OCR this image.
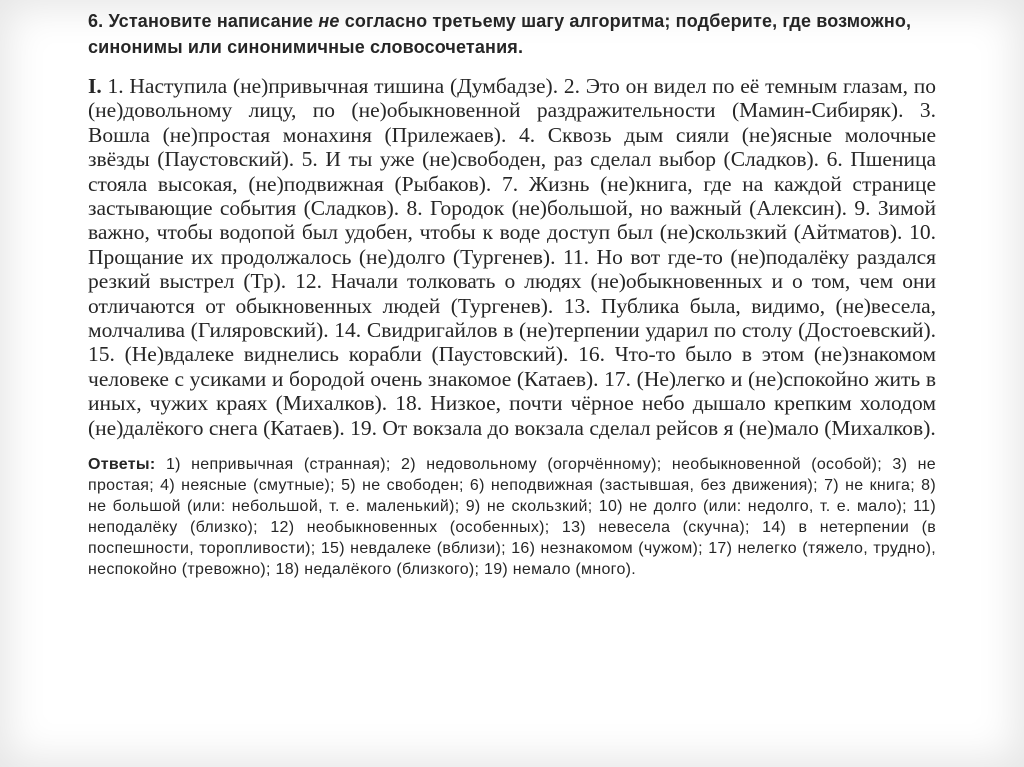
6. Установите написание не согласно третьему шагу алгоритма; подберите, где возможно, синонимы или синонимичные словосочетания.

I. 1. Наступила (не)привычная тишина (Думбадзе). 2. Это он видел по её темным глазам, по (не)довольному лицу, по (не)обыкновенной раздражительности (Мамин-Сибиряк). 3. Вошла (не)простая монахиня (Прилежаев). 4. Сквозь дым сияли (не)ясные молочные звёзды (Паустовский). 5. И ты уже (не)свободен, раз сделал выбор (Сладков). 6. Пшеница стояла высокая, (не)подвижная (Рыбаков). 7. Жизнь (не)книга, где на каждой странице застывающие события (Сладков). 8. Городок (не)большой, но важный (Алексин). 9. Зимой важно, чтобы водопой был удобен, чтобы к воде доступ был (не)скользкий (Айтматов). 10. Прощание их продолжалось (не)долго (Тургенев). 11. Но вот где-то (не)подалёку раздался резкий выстрел (Тр). 12. Начали толковать о людях (не)обыкновенных и о том, чем они отличаются от обыкновенных людей (Тургенев). 13. Публика была, видимо, (не)весела, молчалива (Гиляровский). 14. Свидригайлов в (не)терпении ударил по столу (Достоевский). 15. (Не)вдалеке виднелись корабли (Паустовский). 16. Что-то было в этом (не)знакомом человеке с усиками и бородой очень знакомое (Катаев). 17. (Не)легко и (не)спокойно жить в иных, чужих краях (Михалков). 18. Низкое, почти чёрное небо дышало крепким холодом (не)далёкого снега (Катаев). 19. От вокзала до вокзала сделал рейсов я (не)мало (Михалков).

Ответы: 1) непривычная (странная); 2) недовольному (огорчённому); необыкновенной (особой); 3) не простая; 4) неясные (смутные); 5) не свободен; 6) неподвижная (застывшая, без движения); 7) не книга; 8) не большой (или: небольшой, т. е. маленький); 9) не скользкий; 10) не долго (или: недолго, т. е. мало); 11) неподалёку (близко); 12) необыкновенных (особенных); 13) невесела (скучна); 14) в нетерпении (в поспешности, торопливости); 15) невдалеке (вблизи); 16) незнакомом (чужом); 17) нелегко (тяжело, трудно), неспокойно (тревожно); 18) недалёкого (близкого); 19) немало (много).
